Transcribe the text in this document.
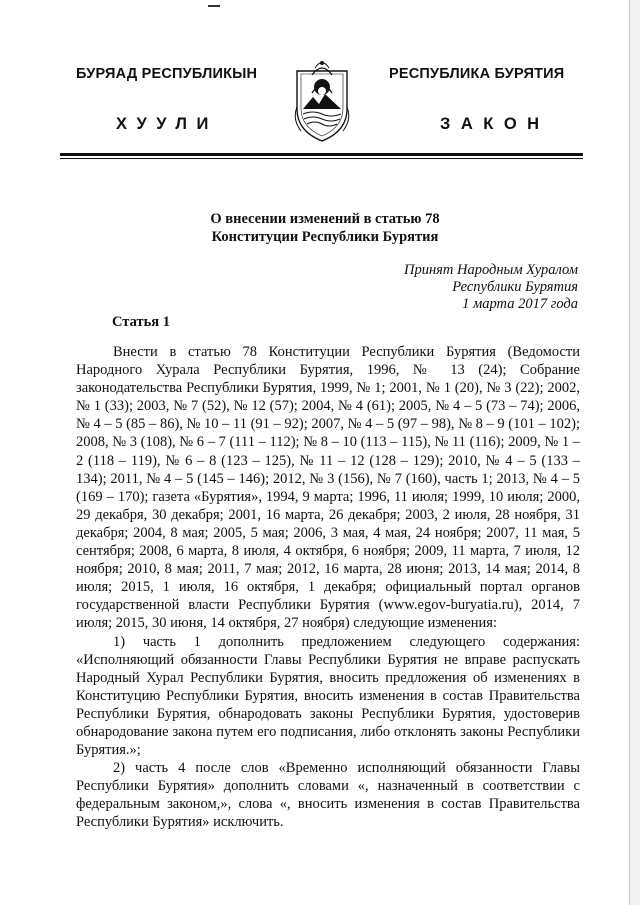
БУРЯАД РЕСПУБЛИКЫН
ХУУЛИ
РЕСПУБЛИКА БУРЯТИЯ
ЗАКОН
О внесении изменений в статью 78
Конституции Республики Бурятия
Принят Народным Хуралом
Республики Бурятия
1 марта 2017 года
Статья 1

Внести в статью 78 Конституции Республики Бурятия (Ведомости Народного Хурала Республики Бурятия, 1996, № 13 (24); Собрание законодательства Республики Бурятия, 1999, № 1; 2001, № 1 (20), № 3 (22); 2002, № 1 (33); 2003, № 7 (52), № 12 (57); 2004, № 4 (61); 2005, № 4 – 5 (73 – 74); 2006, № 4 – 5 (85 – 86), № 10 – 11 (91 – 92); 2007, № 4 – 5 (97 – 98), № 8 – 9 (101 – 102); 2008, № 3 (108), № 6 – 7 (111 – 112); № 8 – 10 (113 – 115), № 11 (116); 2009, № 1 – 2 (118 – 119), № 6 – 8 (123 – 125), № 11 – 12 (128 – 129); 2010, № 4 – 5 (133 – 134); 2011, № 4 – 5 (145 – 146); 2012, № 3 (156), № 7 (160), часть 1; 2013, № 4 – 5 (169 – 170); газета «Бурятия», 1994, 9 марта; 1996, 11 июля; 1999, 10 июля; 2000, 29 декабря, 30 декабря; 2001, 16 марта, 26 декабря; 2003, 2 июля, 28 ноября, 31 декабря; 2004, 8 мая; 2005, 5 мая; 2006, 3 мая, 4 мая, 24 ноября; 2007, 11 мая, 5 сентября; 2008, 6 марта, 8 июля, 4 октября, 6 ноября; 2009, 11 марта, 7 июля, 12 ноября; 2010, 8 мая; 2011, 7 мая; 2012, 16 марта, 28 июня; 2013, 14 мая; 2014, 8 июля; 2015, 1 июля, 16 октября, 1 декабря; официальный портал органов государственной власти Республики Бурятия (www.egov-buryatia.ru), 2014, 7 июля; 2015, 30 июня, 14 октября, 27 ноября) следующие изменения:

1) часть 1 дополнить предложением следующего содержания: «Исполняющий обязанности Главы Республики Бурятия не вправе распускать Народный Хурал Республики Бурятия, вносить предложения об изменениях в Конституцию Республики Бурятия, вносить изменения в состав Правительства Республики Бурятия, обнародовать законы Республики Бурятия, удостоверив обнародование закона путем его подписания, либо отклонять законы Республики Бурятия.»;

2) часть 4 после слов «Временно исполняющий обязанности Главы Республики Бурятия» дополнить словами «, назначенный в соответствии с федеральным законом,», слова «, вносить изменения в состав Правительства Республики Бурятия» исключить.
